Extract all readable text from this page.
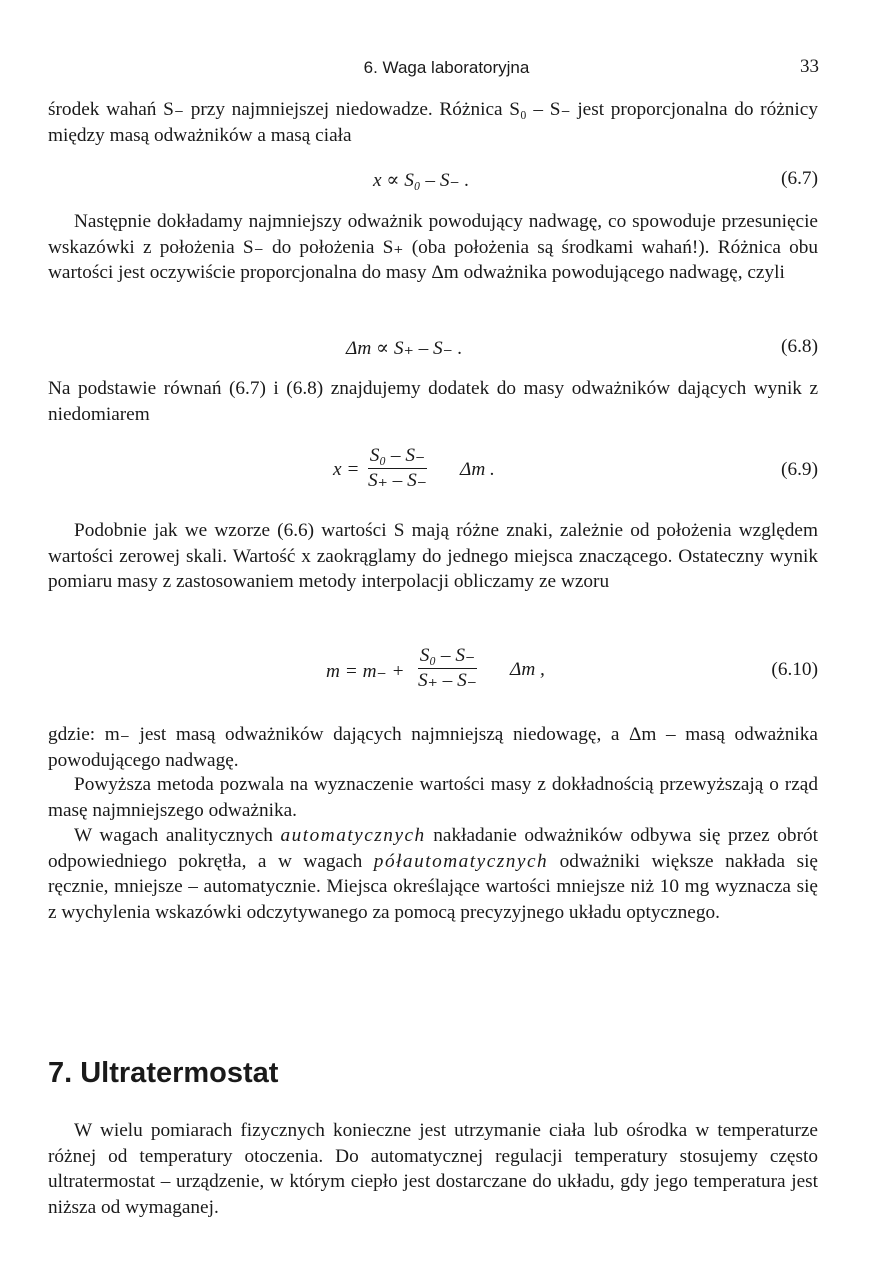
6. Waga laboratoryjna	33

środek wahań S₋ przy najmniejszej niedowadze. Różnica S₀ – S₋ jest proporcjonalna do różnicy między masą odważników a masą ciała

x ∝ S₀ – S₋ .	(6.7)

Następnie dokładamy najmniejszy odważnik powodujący nadwagę, co spowoduje przesunięcie wskazówki z położenia S₋ do położenia S₊ (oba położenia są środkami wahań!). Różnica obu wartości jest oczywiście proporcjonalna do masy Δm odważnika powodującego nadwagę, czyli

Δm ∝ S₊ – S₋ .	(6.8)

Na podstawie równań (6.7) i (6.8) znajdujemy dodatek do masy odważników dających wynik z niedomiarem

$x = \frac{\text{S₀ – S₋}}{S_+ - S_-}$ Δm .	(6.9)

Podobnie jak we wzorze (6.6) wartości S mają różne znaki, zależnie od położenia względem wartości zerowej skali. Wartość x zaokrąglamy do jednego miejsca znaczącego. Ostateczny wynik pomiaru masy z zastosowaniem metody interpolacji obliczamy ze wzoru

$m = m_- + \frac{\text{S₀ – S₋}}{S_+ - S_-}$ Δm ,	(6.10)

gdzie: m₋ jest masą odważników dających najmniejszą niedowagę, a Δm – masą odważnika powodującego nadwagę.

Powyższa metoda pozwala na wyznaczenie wartości masy z dokładnością przewyższają o rząd masę najmniejszego odważnika.

W wagach analitycznych automatycznych nakładanie odważników odbywa się przez obrót odpowiedniego pokrętła, a w wagach półautomatycznych odważniki większe nakłada się ręcznie, mniejsze – automatycznie. Miejsca określające wartości mniejsze niż 10 mg wyznacza się z wychylenia wskazówki odczytywanego za pomocą precyzyjnego układu optycznego.

7. Ultratermostat

W wielu pomiarach fizycznych konieczne jest utrzymanie ciała lub ośrodka w temperaturze różnej od temperatury otoczenia. Do automatycznej regulacji temperatury stosujemy często ultratermostat – urządzenie, w którym ciepło jest dostarczane do układu, gdy jego temperatura jest niższa od wymaganej.
